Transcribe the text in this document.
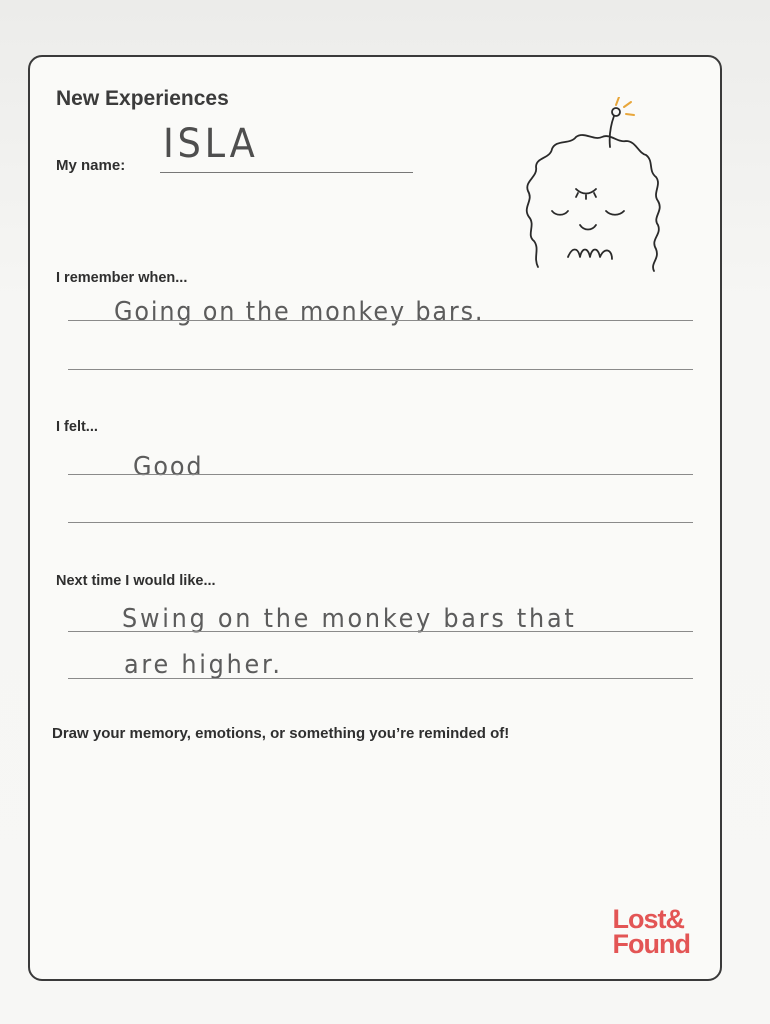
New Experiences
My name: ISLA
I remember when...
Going on the monkey bars.
I felt...
Good
Next time I would like...
Swing on the monkey bars that
are higher.
Draw your memory, emotions, or something you’re reminded of!
Lost&
Found
